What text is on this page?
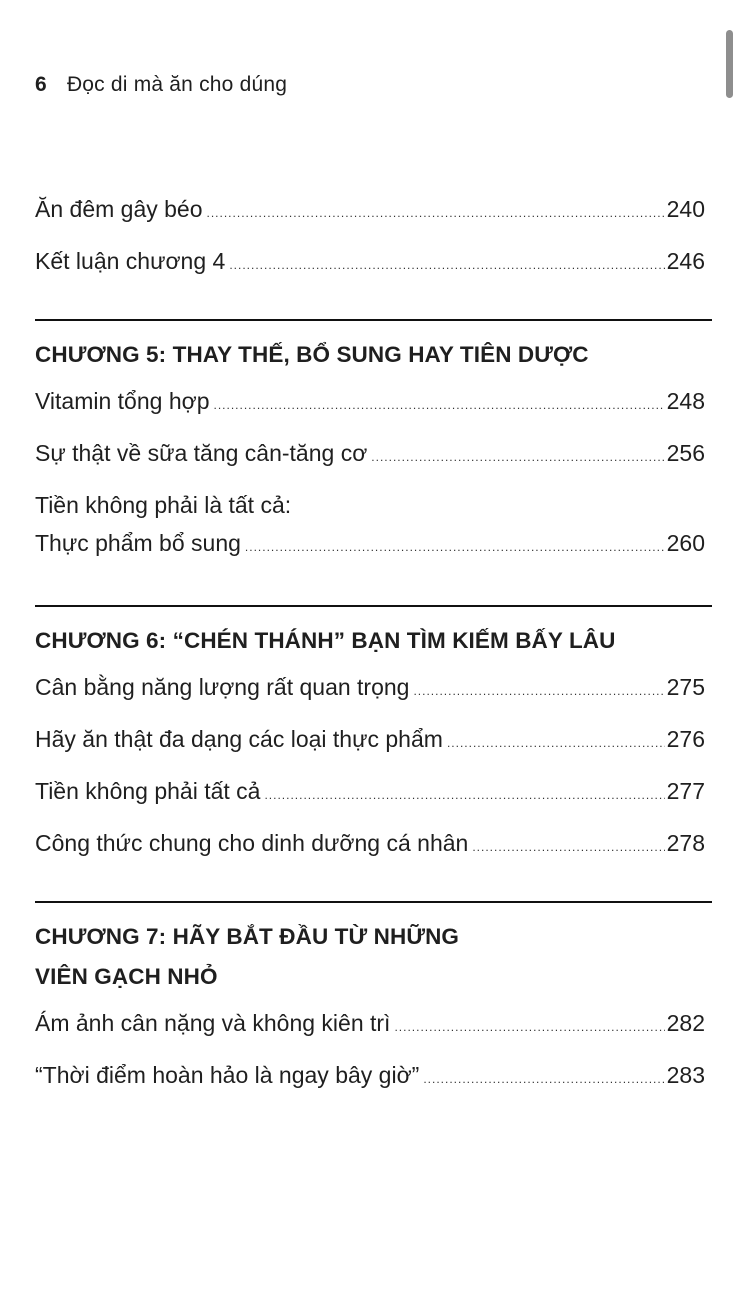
6 Đọc di mà ăn cho dúng
Ăn đêm gây béo .....	240
Kết luận chương 4 .....	246
CHƯƠNG 5: THAY THẾ, BỔ SUNG HAY TIÊN DƯỢC
Vitamin tổng hợp .....	248
Sự thật về sữa tăng cân-tăng cơ .....	256
Tiền không phải là tất cả:
Thực phẩm bổ sung .....	260
CHƯƠNG 6: “CHÉN THÁNH” BẠN TÌM KIẾM BẤY LÂU
Cân bằng năng lượng rất quan trọng .....	275
Hãy ăn thật đa dạng các loại thực phẩm .....	276
Tiền không phải tất cả .....	277
Công thức chung cho dinh dưỡng cá nhân .....	278
CHƯƠNG 7: HÃY BẮT ĐẦU TỪ NHỮNG
VIÊN GẠCH NHỎ
Ám ảnh cân nặng và không kiên trì .....	282
“Thời điểm hoàn hảo là ngay bây giờ” .....	283
